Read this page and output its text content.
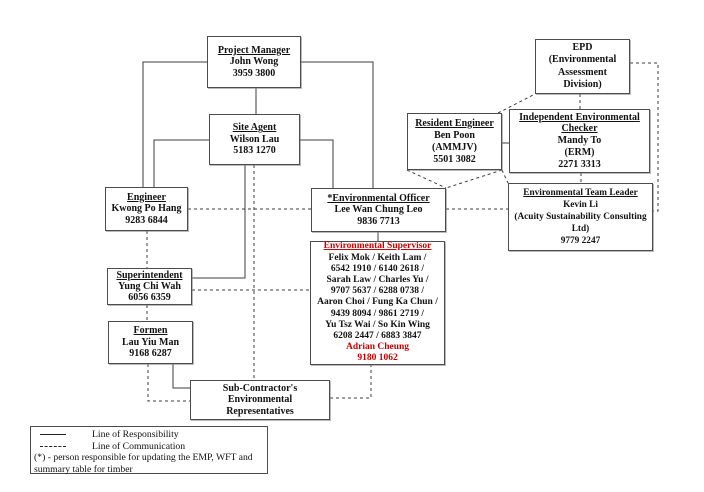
Project Manager
John Wong
3959 3800
Site Agent
Wilson Lau
5183 1270
Engineer
Kwong Po Hang
9283 6844
Superintendent
Yung Chi Wah
6056 6359
Formen
Lau Yiu Man
9168 6287
*Environmental Officer
Lee Wan Chung Leo
9836 7713
Environmental Supervisor
Felix Mok / Keith Lam /
6542 1910 / 6140 2618 /
Sarah Law / Charles Yu /
9707 5637 / 6288 0738 /
Aaron Choi / Fung Ka Chun /
9439 8094 / 9861 2719 /
Yu Tsz Wai / So Kin Wing
6208 2447 / 6883 3847
Adrian Cheung
9180 1062
Resident Engineer
Ben Poon
(AMMJV)
5501 3082
EPD (Environmental
Assessment Division)
Independent Environmental
Checker
Mandy To
(ERM)
2271 3313
Environmental Team Leader
Kevin Li
(Acuity Sustainability Consulting
Ltd)
9779 2247
Sub-Contractor's
Environmental Representatives
Line of Responsibility
Line of Communication
(*) - person responsible for updating the EMP, WFT and
summary table for timber
